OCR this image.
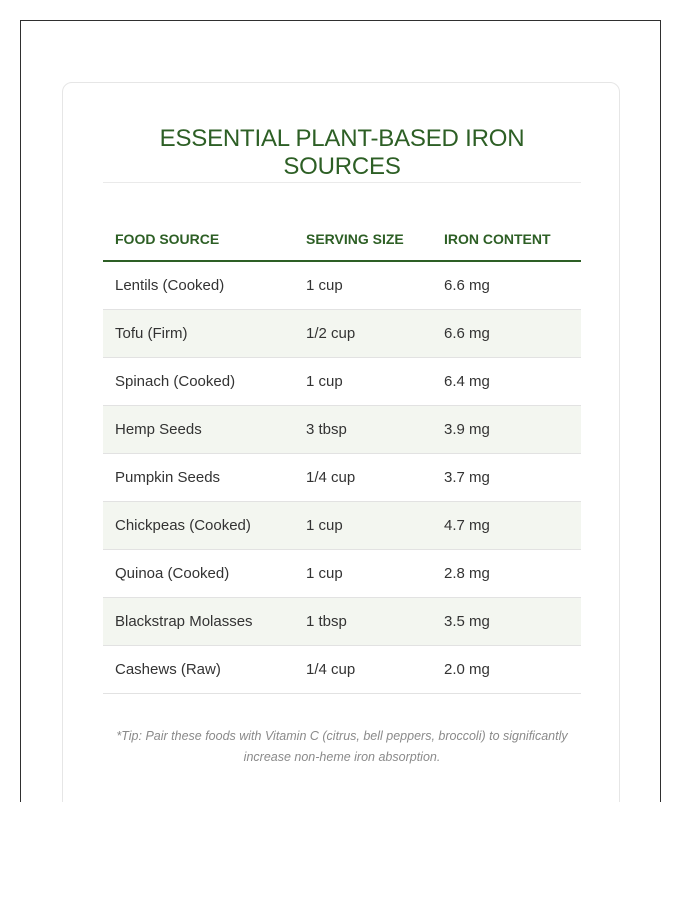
ESSENTIAL PLANT-BASED IRON SOURCES
FOOD SOURCE	SERVING SIZE	IRON CONTENT
Lentils (Cooked)	1 cup	6.6 mg
Tofu (Firm)	1/2 cup	6.6 mg
Spinach (Cooked)	1 cup	6.4 mg
Hemp Seeds	3 tbsp	3.9 mg
Pumpkin Seeds	1/4 cup	3.7 mg
Chickpeas (Cooked)	1 cup	4.7 mg
Quinoa (Cooked)	1 cup	2.8 mg
Blackstrap Molasses	1 tbsp	3.5 mg
Cashews (Raw)	1/4 cup	2.0 mg

*Tip: Pair these foods with Vitamin C (citrus, bell peppers, broccoli) to significantly increase non-heme iron absorption.
